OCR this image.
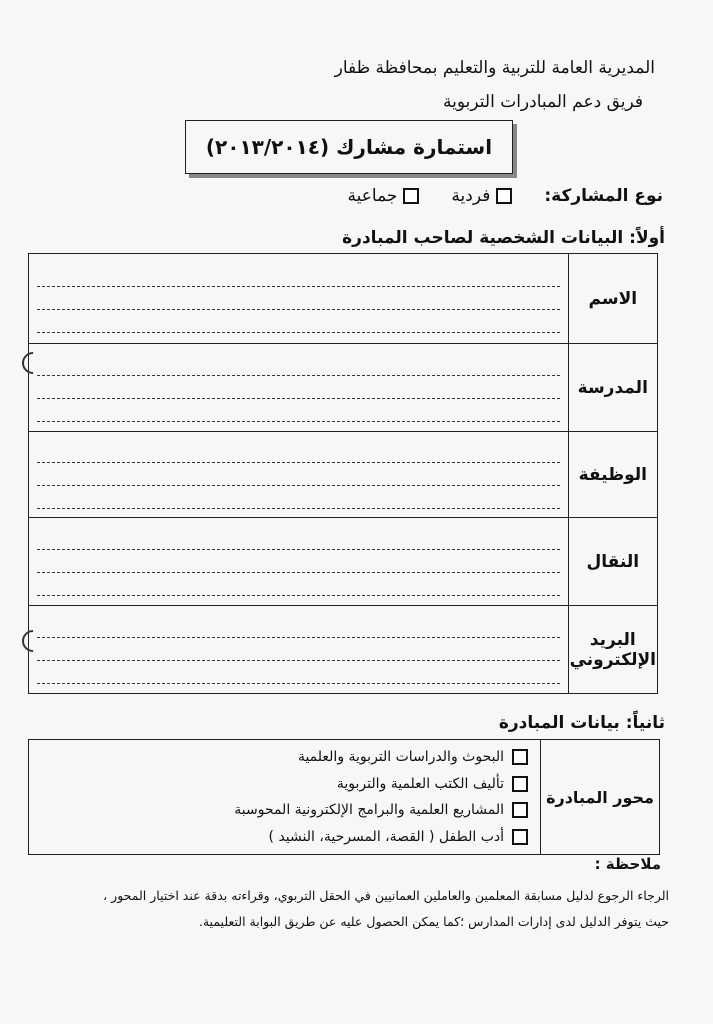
المديرية العامة للتربية والتعليم بمحافظة ظفار
فريق دعم المبادرات التربوية
استمارة مشارك (٢٠١٣/٢٠١٤)
نوع المشاركة:
فردية
جماعية
أولاً: البيانات الشخصية لصاحب المبادرة
	الاسم

	المدرسة

	الوظيفة

	النقال

	البريد الإلكتروني
ثانياً: بيانات المبادرة
محور المبادرة
البحوث والدراسات التربوية والعلمية
تأليف الكتب العلمية والتربوية
المشاريع العلمية والبرامج الإلكترونية المحوسبة
أدب الطفل ( القصة، المسرحية، النشيد )
ملاحظة :
الرجاء الرجوع لدليل مسابقة المعلمين والعاملين العمانيين في الحقل التربوي، وقراءته بدقة عند اختيار المحور ،
حيث يتوفر الدليل لدى إدارات المدارس ؛كما يمكن الحصول عليه عن طريق البوابة التعليمية.
